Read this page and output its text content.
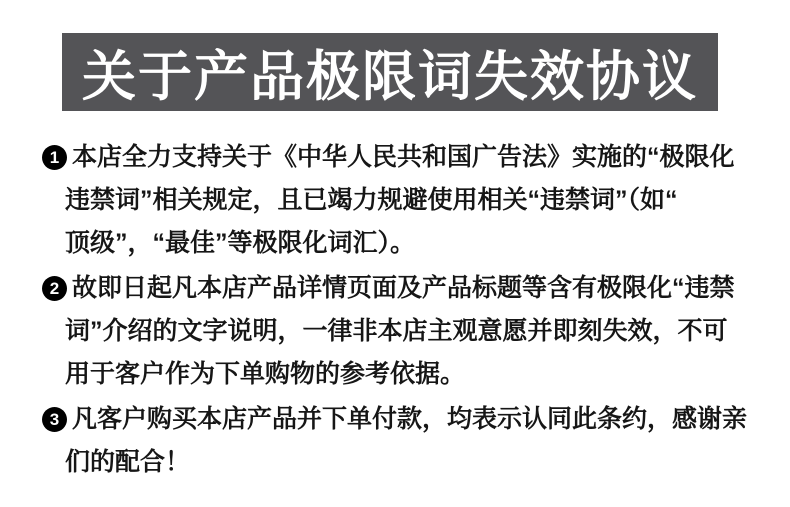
关于产品极限词失效协议
1 本店全力支持关于《中华人民共和国广告法》实施的“极限化
违禁词”相关规定，且已竭力规避使用相关“违禁词”（如“
顶级”，“最佳”等极限化词汇）。

2 故即日起凡本店产品详情页面及产品标题等含有极限化“违禁
词”介绍的文字说明，一律非本店主观意愿并即刻失效，不可
用于客户作为下单购物的参考依据。

3 凡客户购买本店产品并下单付款，均表示认同此条约，感谢亲
们的配合！
